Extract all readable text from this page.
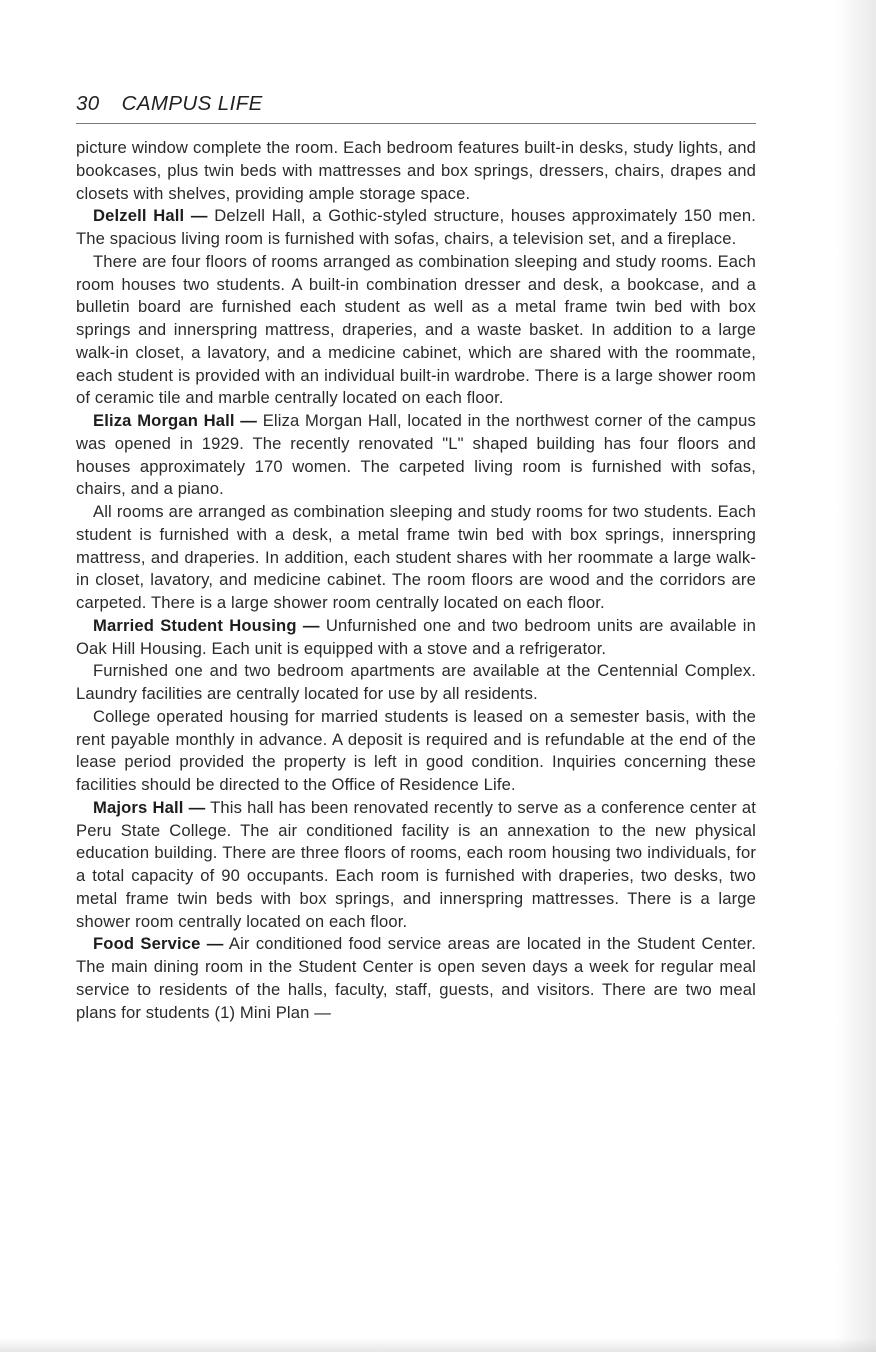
30 CAMPUS LIFE

picture window complete the room. Each bedroom features built-in desks, study lights, and bookcases, plus twin beds with mattresses and box springs, dressers, chairs, drapes and closets with shelves, providing ample storage space.

Delzell Hall — Delzell Hall, a Gothic-styled structure, houses approximately 150 men. The spacious living room is furnished with sofas, chairs, a television set, and a fireplace.

There are four floors of rooms arranged as combination sleeping and study rooms. Each room houses two students. A built-in combination dresser and desk, a bookcase, and a bulletin board are furnished each student as well as a metal frame twin bed with box springs and innerspring mattress, draperies, and a waste basket. In addition to a large walk-in closet, a lavatory, and a medicine cabinet, which are shared with the roommate, each student is provided with an individual built-in wardrobe. There is a large shower room of ceramic tile and marble centrally located on each floor.

Eliza Morgan Hall — Eliza Morgan Hall, located in the northwest corner of the campus was opened in 1929. The recently renovated "L" shaped building has four floors and houses approximately 170 women. The carpeted living room is furnished with sofas, chairs, and a piano.

All rooms are arranged as combination sleeping and study rooms for two students. Each student is furnished with a desk, a metal frame twin bed with box springs, innerspring mattress, and draperies. In addition, each student shares with her roommate a large walk-in closet, lavatory, and medicine cabinet. The room floors are wood and the corridors are carpeted. There is a large shower room centrally located on each floor.

Married Student Housing — Unfurnished one and two bedroom units are available in Oak Hill Housing. Each unit is equipped with a stove and a refrigerator.

Furnished one and two bedroom apartments are available at the Centennial Complex. Laundry facilities are centrally located for use by all residents.

College operated housing for married students is leased on a semester basis, with the rent payable monthly in advance. A deposit is required and is refundable at the end of the lease period provided the property is left in good condition. Inquiries concerning these facilities should be directed to the Office of Residence Life.

Majors Hall — This hall has been renovated recently to serve as a conference center at Peru State College. The air conditioned facility is an annexation to the new physical education building. There are three floors of rooms, each room housing two individuals, for a total capacity of 90 occupants. Each room is furnished with draperies, two desks, two metal frame twin beds with box springs, and innerspring mattresses. There is a large shower room centrally located on each floor.

Food Service — Air conditioned food service areas are located in the Student Center. The main dining room in the Student Center is open seven days a week for regular meal service to residents of the halls, faculty, staff, guests, and visitors. There are two meal plans for students (1) Mini Plan —
